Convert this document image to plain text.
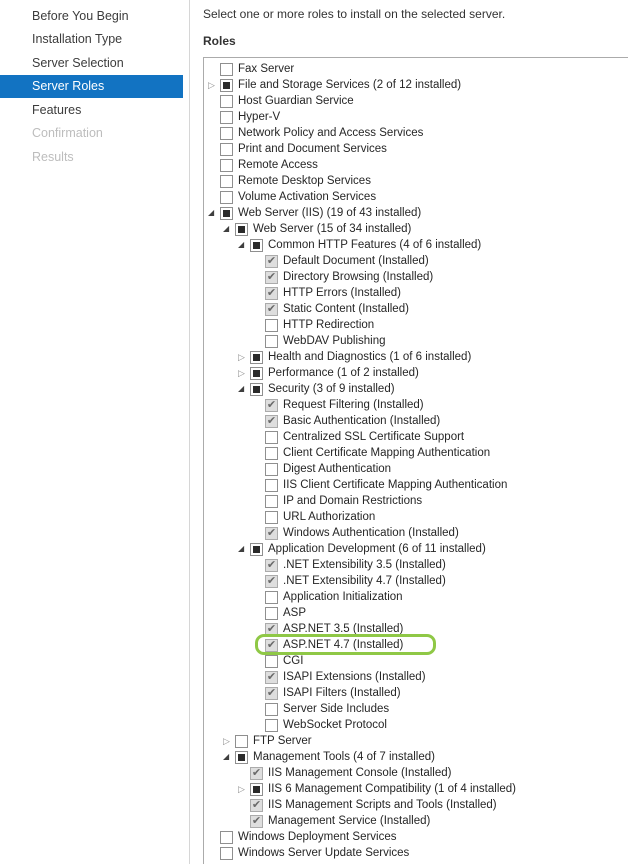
Before You Begin
Installation Type
Server Selection
Server Roles
Features
Confirmation
Results
Select one or more roles to install on the selected server.
Roles
Fax Server
▷
File and Storage Services (2 of 12 installed)
Host Guardian Service
Hyper-V
Network Policy and Access Services
Print and Document Services
Remote Access
Remote Desktop Services
Volume Activation Services
◢
Web Server (IIS) (19 of 43 installed)
◢
Web Server (15 of 34 installed)
◢
Common HTTP Features (4 of 6 installed)
✔
Default Document (Installed)
✔
Directory Browsing (Installed)
✔
HTTP Errors (Installed)
✔
Static Content (Installed)
HTTP Redirection
WebDAV Publishing
▷
Health and Diagnostics (1 of 6 installed)
▷
Performance (1 of 2 installed)
◢
Security (3 of 9 installed)
✔
Request Filtering (Installed)
✔
Basic Authentication (Installed)
Centralized SSL Certificate Support
Client Certificate Mapping Authentication
Digest Authentication
IIS Client Certificate Mapping Authentication
IP and Domain Restrictions
URL Authorization
✔
Windows Authentication (Installed)
◢
Application Development (6 of 11 installed)
✔
.NET Extensibility 3.5 (Installed)
✔
.NET Extensibility 4.7 (Installed)
Application Initialization
ASP
✔
ASP.NET 3.5 (Installed)
✔
ASP.NET 4.7 (Installed)
CGI
✔
ISAPI Extensions (Installed)
✔
ISAPI Filters (Installed)
Server Side Includes
WebSocket Protocol
▷
FTP Server
◢
Management Tools (4 of 7 installed)
✔
IIS Management Console (Installed)
▷
IIS 6 Management Compatibility (1 of 4 installed)
✔
IIS Management Scripts and Tools (Installed)
✔
Management Service (Installed)
Windows Deployment Services
Windows Server Update Services
